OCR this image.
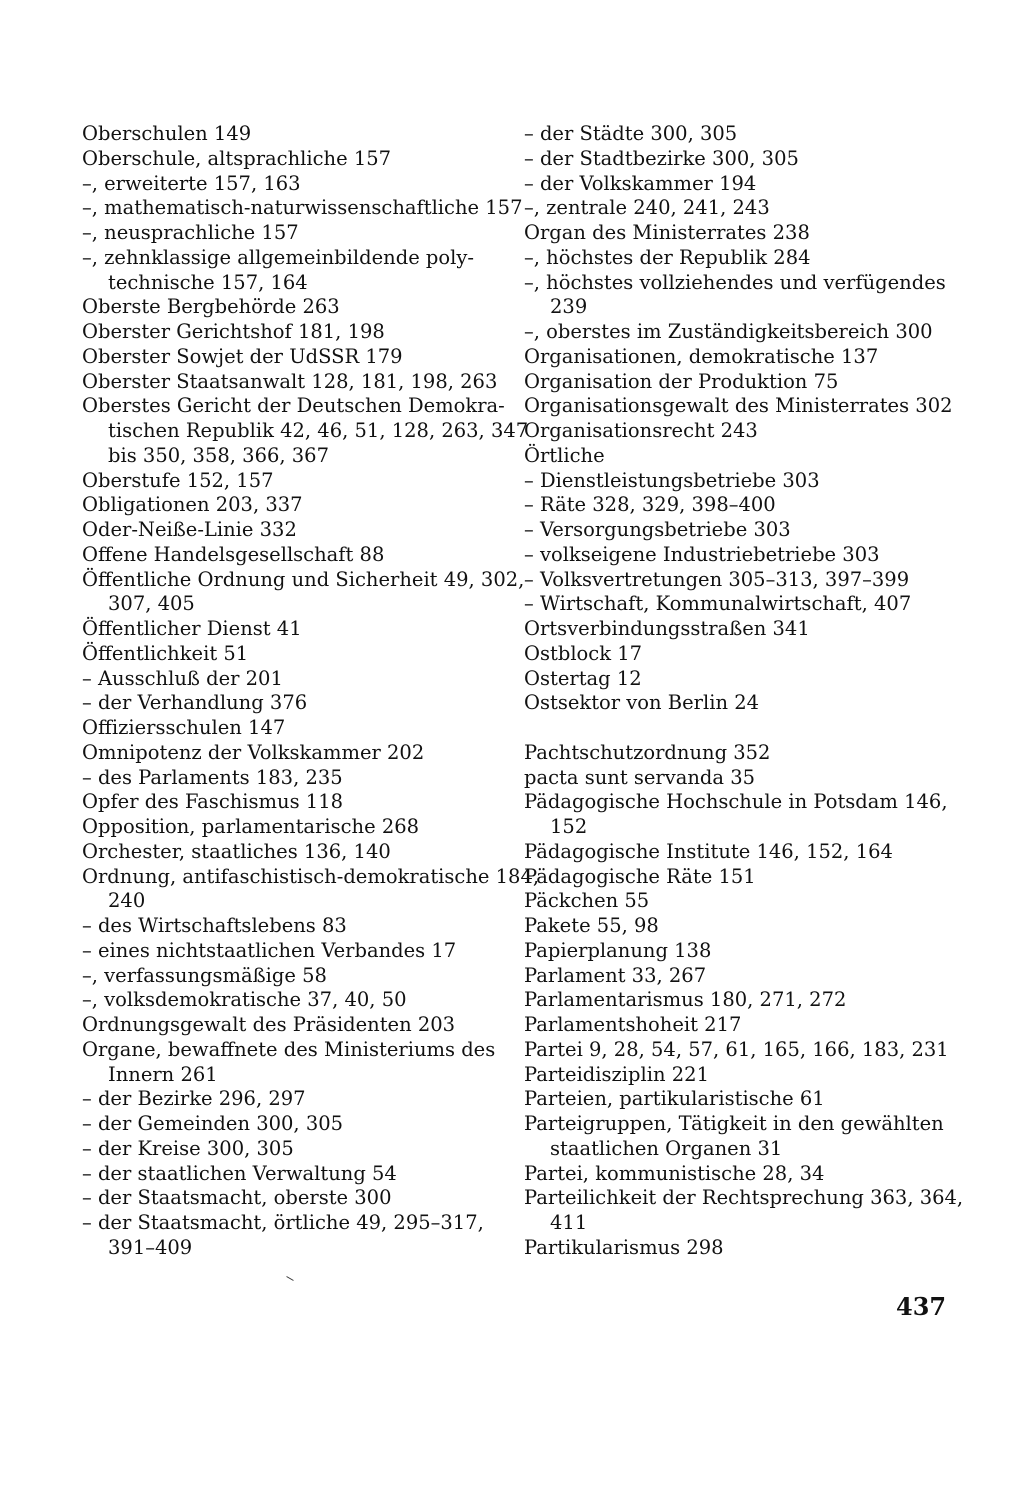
Oberschulen 149
Oberschule, altsprachliche 157
–, erweiterte 157, 163
–, mathematisch-naturwissenschaftliche 157
–, neusprachliche 157
–, zehnklassige allgemeinbildende poly-
technische 157, 164
Oberste Bergbehörde 263
Oberster Gerichtshof 181, 198
Oberster Sowjet der UdSSR 179
Oberster Staatsanwalt 128, 181, 198, 263
Oberstes Gericht der Deutschen Demokra-
tischen Republik 42, 46, 51, 128, 263, 347
bis 350, 358, 366, 367
Oberstufe 152, 157
Obligationen 203, 337
Oder-Neiße-Linie 332
Offene Handelsgesellschaft 88
Öffentliche Ordnung und Sicherheit 49, 302,
307, 405
Öffentlicher Dienst 41
Öffentlichkeit 51
– Ausschluß der 201
– der Verhandlung 376
Offiziersschulen 147
Omnipotenz der Volkskammer 202
– des Parlaments 183, 235
Opfer des Faschismus 118
Opposition, parlamentarische 268
Orchester, staatliches 136, 140
Ordnung, antifaschistisch-demokratische 184,
240
– des Wirtschaftslebens 83
– eines nichtstaatlichen Verbandes 17
–, verfassungsmäßige 58
–, volksdemokratische 37, 40, 50
Ordnungsgewalt des Präsidenten 203
Organe, bewaffnete des Ministeriums des
Innern 261
– der Bezirke 296, 297
– der Gemeinden 300, 305
– der Kreise 300, 305
– der staatlichen Verwaltung 54
– der Staatsmacht, oberste 300
– der Staatsmacht, örtliche 49, 295–317,
391–409
– der Städte 300, 305
– der Stadtbezirke 300, 305
– der Volkskammer 194
–, zentrale 240, 241, 243
Organ des Ministerrates 238
–, höchstes der Republik 284
–, höchstes vollziehendes und verfügendes
239
–, oberstes im Zuständigkeitsbereich 300
Organisationen, demokratische 137
Organisation der Produktion 75
Organisationsgewalt des Ministerrates 302
Organisationsrecht 243
Örtliche
– Dienstleistungsbetriebe 303
– Räte 328, 329, 398–400
– Versorgungsbetriebe 303
– volkseigene Industriebetriebe 303
– Volksvertretungen 305–313, 397–399
– Wirtschaft, Kommunalwirtschaft, 407
Ortsverbindungsstraßen 341
Ostblock 17
Ostertag 12
Ostsektor von Berlin 24
Pachtschutzordnung 352
pacta sunt servanda 35
Pädagogische Hochschule in Potsdam 146,
152
Pädagogische Institute 146, 152, 164
Pädagogische Räte 151
Päckchen 55
Pakete 55, 98
Papierplanung 138
Parlament 33, 267
Parlamentarismus 180, 271, 272
Parlamentshoheit 217
Partei 9, 28, 54, 57, 61, 165, 166, 183, 231
Parteidisziplin 221
Parteien, partikularistische 61
Parteigruppen, Tätigkeit in den gewählten
staatlichen Organen 31
Partei, kommunistische 28, 34
Parteilichkeit der Rechtsprechung 363, 364,
411
Partikularismus 298
437
